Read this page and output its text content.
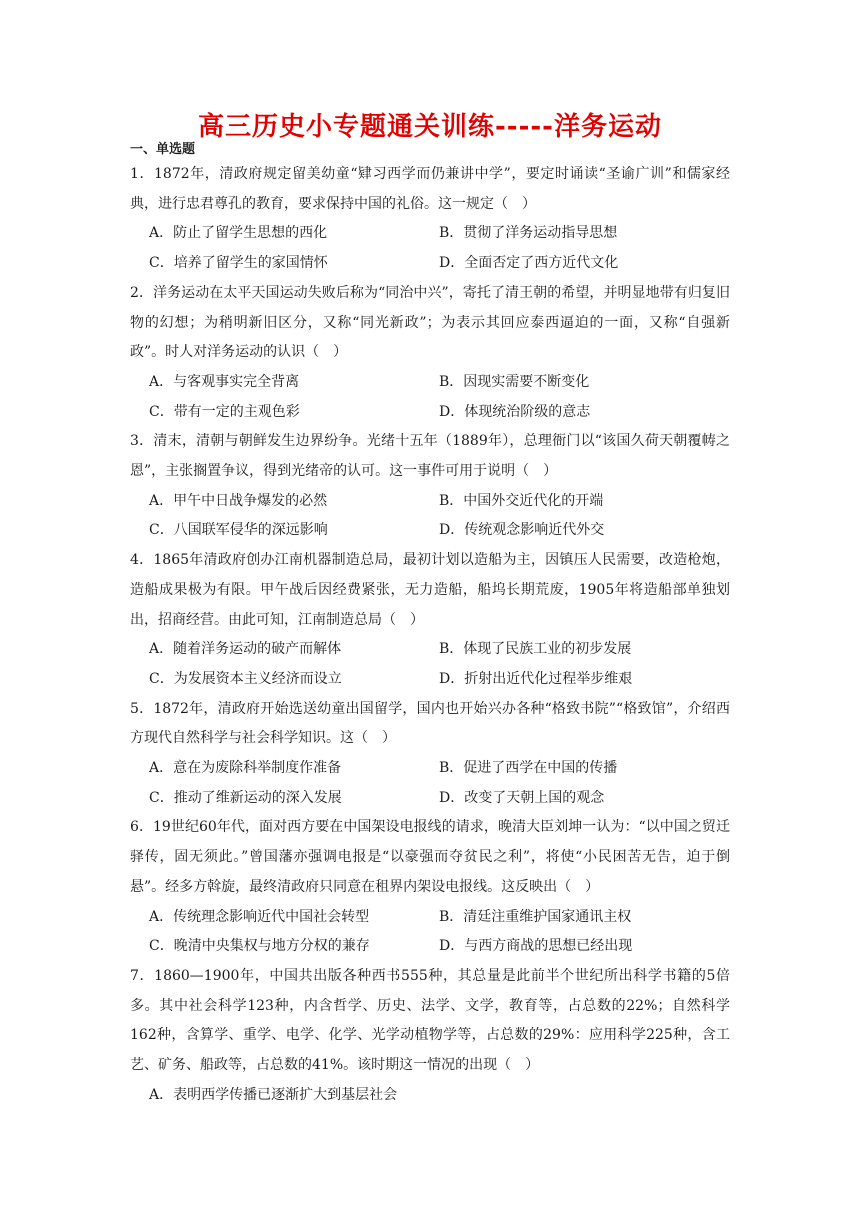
高三历史小专题通关训练-----洋务运动
一、单选题

1．1872年，清政府规定留美幼童“肄习西学而仍兼讲中学”，要定时诵读“圣谕广训”和儒家经典，进行忠君尊孔的教育，要求保持中国的礼俗。这一规定（　）

A．防止了留学生思想的西化	B．贯彻了洋务运动指导思想
C．培养了留学生的家国情怀	D．全面否定了西方近代文化

2．洋务运动在太平天国运动失败后称为“同治中兴”，寄托了清王朝的希望，并明显地带有归复旧物的幻想；为稍明新旧区分，又称“同光新政”；为表示其回应泰西逼迫的一面，又称“自强新政”。时人对洋务运动的认识（　）

A．与客观事实完全背离	B．因现实需要不断变化
C．带有一定的主观色彩	D．体现统治阶级的意志

3．清末，清朝与朝鲜发生边界纷争。光绪十五年（1889年），总理衙门以“该国久荷天朝覆帱之恩”，主张搁置争议，得到光绪帝的认可。这一事件可用于说明（　）

A．甲午中日战争爆发的必然	B．中国外交近代化的开端
C．八国联军侵华的深远影响	D．传统观念影响近代外交

4．1865年清政府创办江南机器制造总局，最初计划以造船为主，因镇压人民需要，改造枪炮，造船成果极为有限。甲午战后因经费紧张，无力造船，船坞长期荒废，1905年将造船部单独划出，招商经营。由此可知，江南制造总局（　）

A．随着洋务运动的破产而解体	B．体现了民族工业的初步发展
C．为发展资本主义经济而设立	D．折射出近代化过程举步维艰

5．1872年，清政府开始选送幼童出国留学，国内也开始兴办各种“格致书院”“格致馆”，介绍西方现代自然科学与社会科学知识。这（　）

A．意在为废除科举制度作准备	B．促进了西学在中国的传播
C．推动了维新运动的深入发展	D．改变了天朝上国的观念

6．19世纪60年代，面对西方要在中国架设电报线的请求，晚清大臣刘坤一认为：“以中国之贸迁驿传，固无须此。”曾国藩亦强调电报是“以豪强而夺贫民之利”，将使“小民困苦无告，迫于倒悬”。经多方斡旋，最终清政府只同意在租界内架设电报线。这反映出（　）

A．传统理念影响近代中国社会转型	B．清廷注重维护国家通讯主权
C．晚清中央集权与地方分权的兼存	D．与西方商战的思想已经出现

7．1860—1900年，中国共出版各种西书555种，其总量是此前半个世纪所出科学书籍的5倍多。其中社会科学123种，内含哲学、历史、法学、文学，教育等，占总数的22%；自然科学162种，含算学、重学、电学、化学、光学动植物学等，占总数的29%：应用科学225种，含工艺、矿务、船政等，占总数的41%。该时期这一情况的出现（　）

A．表明西学传播已逐渐扩大到基层社会
